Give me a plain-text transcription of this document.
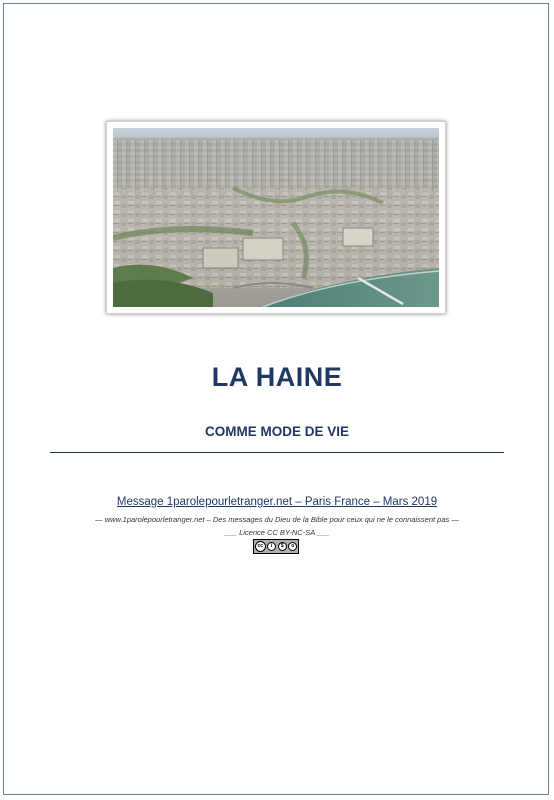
LA HAINE
COMME MODE DE VIE
Message 1parolepourletranger.net – Paris France – Mars 2019
— www.1parolepourletranger.net – Des messages du Dieu de la Bible pour ceux qui ne le connaissent pas —
___ Licence CC BY-NC-SA ___
cc	i	$	o
